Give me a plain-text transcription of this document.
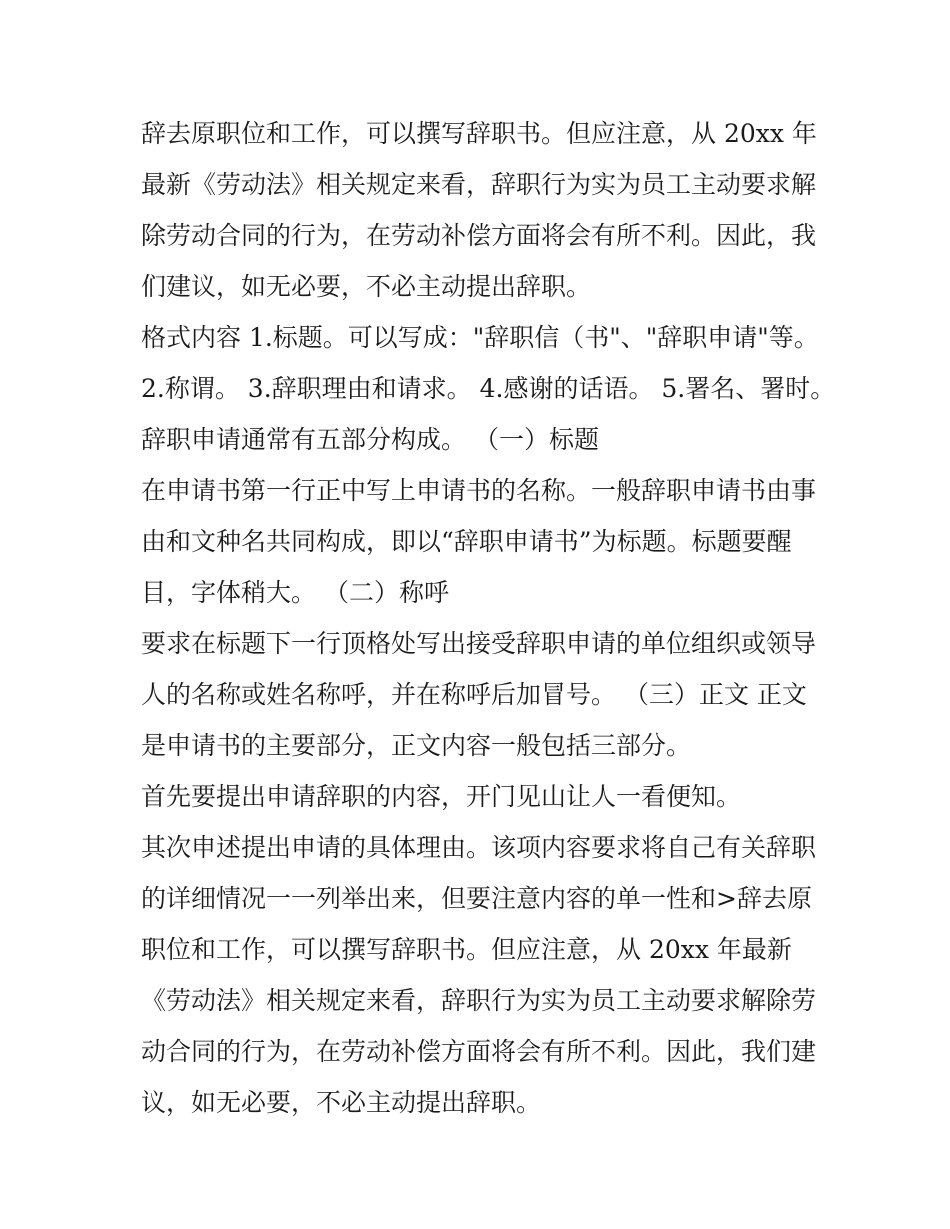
辞去原职位和工作，可以撰写辞职书。但应注意，从 20xx 年
最新《劳动法》相关规定来看，辞职行为实为员工主动要求解
除劳动合同的行为，在劳动补偿方面将会有所不利。因此，我
们建议，如无必要，不必主动提出辞职。
格式内容 1.标题。可以写成："辞职信（书"、"辞职申请"等。
2.称谓。 3.辞职理由和请求。 4.感谢的话语。 5.署名、署时。
辞职申请通常有五部分构成。 （一）标题
在申请书第一行正中写上申请书的名称。一般辞职申请书由事
由和文种名共同构成，即以“辞职申请书”为标题。标题要醒
目，字体稍大。 （二）称呼
要求在标题下一行顶格处写出接受辞职申请的单位组织或领导
人的名称或姓名称呼，并在称呼后加冒号。 （三）正文 正文
是申请书的主要部分，正文内容一般包括三部分。
首先要提出申请辞职的内容，开门见山让人一看便知。
其次申述提出申请的具体理由。该项内容要求将自己有关辞职
的详细情况一一列举出来，但要注意内容的单一性和>辞去原
职位和工作，可以撰写辞职书。但应注意，从 20xx 年最新
《劳动法》相关规定来看，辞职行为实为员工主动要求解除劳
动合同的行为，在劳动补偿方面将会有所不利。因此，我们建
议，如无必要，不必主动提出辞职。
